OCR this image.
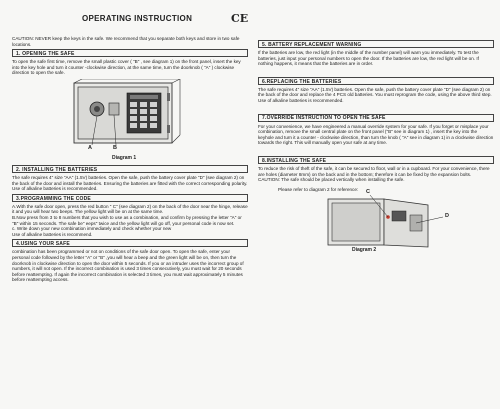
OPERATING INSTRUCTION	CE
CAUTION: NEVER keep the keys in the safe. We recommend that you separate both keys and store in two safe locations.
1. OPENING THE SAFE
To open the safe first time, remove the small plastic cover ( "B" , see diagram 1) on the front panel, insert the key into the key hole and turn it counter -clockwise direction, at the same time, turn the doorknob ( "A" ) clockwise direction to open the safe.
A	B
Diagram 1
2. INSTALLING THE BATTERIES
The safe requires 4" size "AA" (1.5V) batteries. Open the safe, push the battery cover plate "D" (see diagram 2) on the back of the door and install the batteries. Ensuring the batteries are fitted with the correct corresponding polarity. Use of alkaline batteries is recommended.
3.PROGRAMMING THE CODE

A.With the safe door open, press the red button " C" (see diagram 2) on the back of the door near the hinge, release it and you will hear two beeps. The yellow light will be on at the same time.

B.Now press from 3 to 8 numbers that you wish to use as a combination, and confirm by pressing the letter "A" or "B" within 15 seconds. The safe be" eeps" twice and the yellow light will go off, your personal code is now set.

c. Write down your new combination immediately and check whether your new

Use of alkaline batteries is recommend.

4.USING YOUR SAFE
combination has been programmed or not on conditions of the safe door open. To open the safe, enter your personal code followed by the letter "A" or "B" ,you will hear a beep and the green light will be on, then turn the doorknob in clockwise direction to open the door within 5 seconds. If you or an intruder uses the incorrect group of numbers, it will not open. If the incorrect combination is used 3 times consecutively, you must wait for 20 seconds before reattempting. If again the incorrect combination is selected 3 times, you must wait approximately 5 minutes before reattempting access.
5. BATTERY REPLACEMENT WARNING
If the batteries are low, the red light (in the middle of the number panel) will warn you immediately. To test the batteries, just input your personal numbers to open the door. If the batteries are low, the red light will be on. If nothing happens, it means that the batteries are in order.
6.REPLACING THE BATTERIES
The safe requires 4" size "AA" (1.5V) batteries. Open the safe, push the battery cover plate "D" (see diagram 2) on the back of the door and replace the 4 PCS old batteries. You must reprogram the code, using the above third step. Use of alkaline batteries is recommended.
7.OVERRIDE INSTRUCTION TO OPEN THE SAFE
For your convenience, we have engineered a manual override system for your safe. If you forget or misplace your combination, remove the small central plate on the front panel ("B" see in diagram 1) , insert the key into the keyhole and turn it a counter - clockwise direction, than turn the knob ( "A" see in diagram 1) in a clockwise direction towards the right. This will manually open your safe at any time.
8.INSTALLING THE SAFE
To reduce the risk of theft of the safe, it can be secured to floor, wall or in a cupboard. For your convenience, there are holes (diameter 8mm) on the back and in the bottom; therefore it can be fixed by the expansion bolts. CAUTION: The safe should be placed vertically when installing the safe.
Please refer to diagram 2 for reference:
C
D
Diagram 2
